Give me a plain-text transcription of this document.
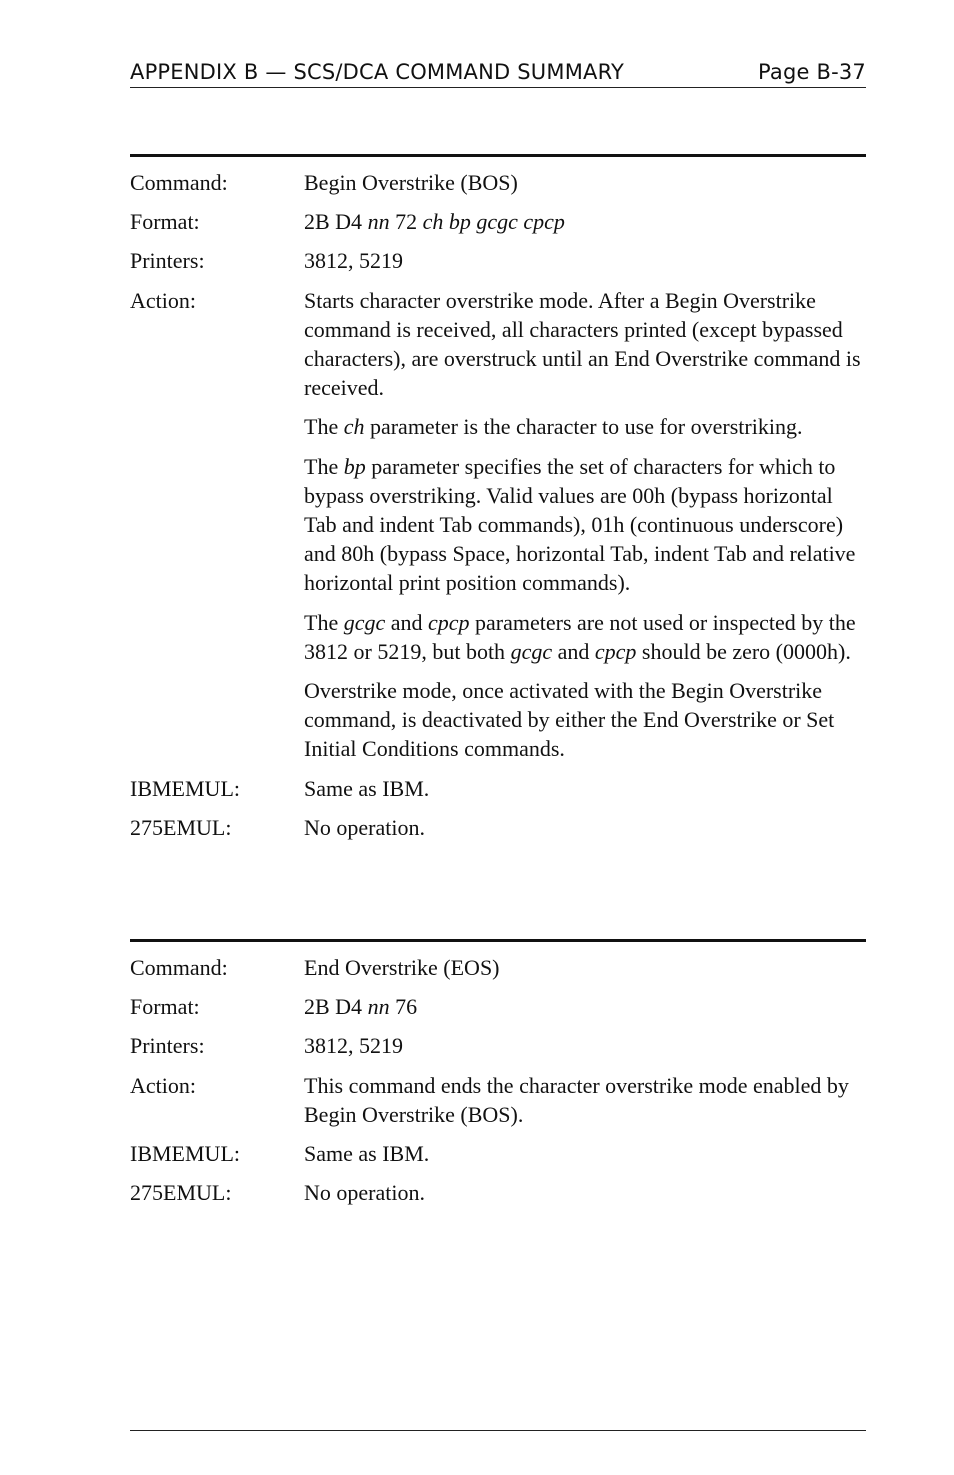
APPENDIX B — SCS/DCA COMMAND SUMMARY	Page B-37
Command:	Begin Overstrike (BOS)
Format:	2B D4 nn 72 ch bp gcgc cpcp
Printers:	3812, 5219
Action:	Starts character overstrike mode. After a Begin Overstrike command is received, all characters printed (except bypassed characters), are overstruck until an End Overstrike command is received.

The ch parameter is the character to use for overstriking.

The bp parameter specifies the set of characters for which to bypass overstriking. Valid values are 00h (bypass horizontal Tab and indent Tab commands), 01h (continuous underscore) and 80h (bypass Space, horizontal Tab, indent Tab and relative horizontal print position commands).

The gcgc and cpcp parameters are not used or inspected by the 3812 or 5219, but both gcgc and cpcp should be zero (0000h).

Overstrike mode, once activated with the Begin Overstrike command, is deactivated by either the End Overstrike or Set Initial Conditions commands.

IBMEMUL:	Same as IBM.
275EMUL:	No operation.
Command:	End Overstrike (EOS)
Format:	2B D4 nn 76
Printers:	3812, 5219
Action:	This command ends the character overstrike mode enabled by Begin Overstrike (BOS).
IBMEMUL:	Same as IBM.
275EMUL:	No operation.
